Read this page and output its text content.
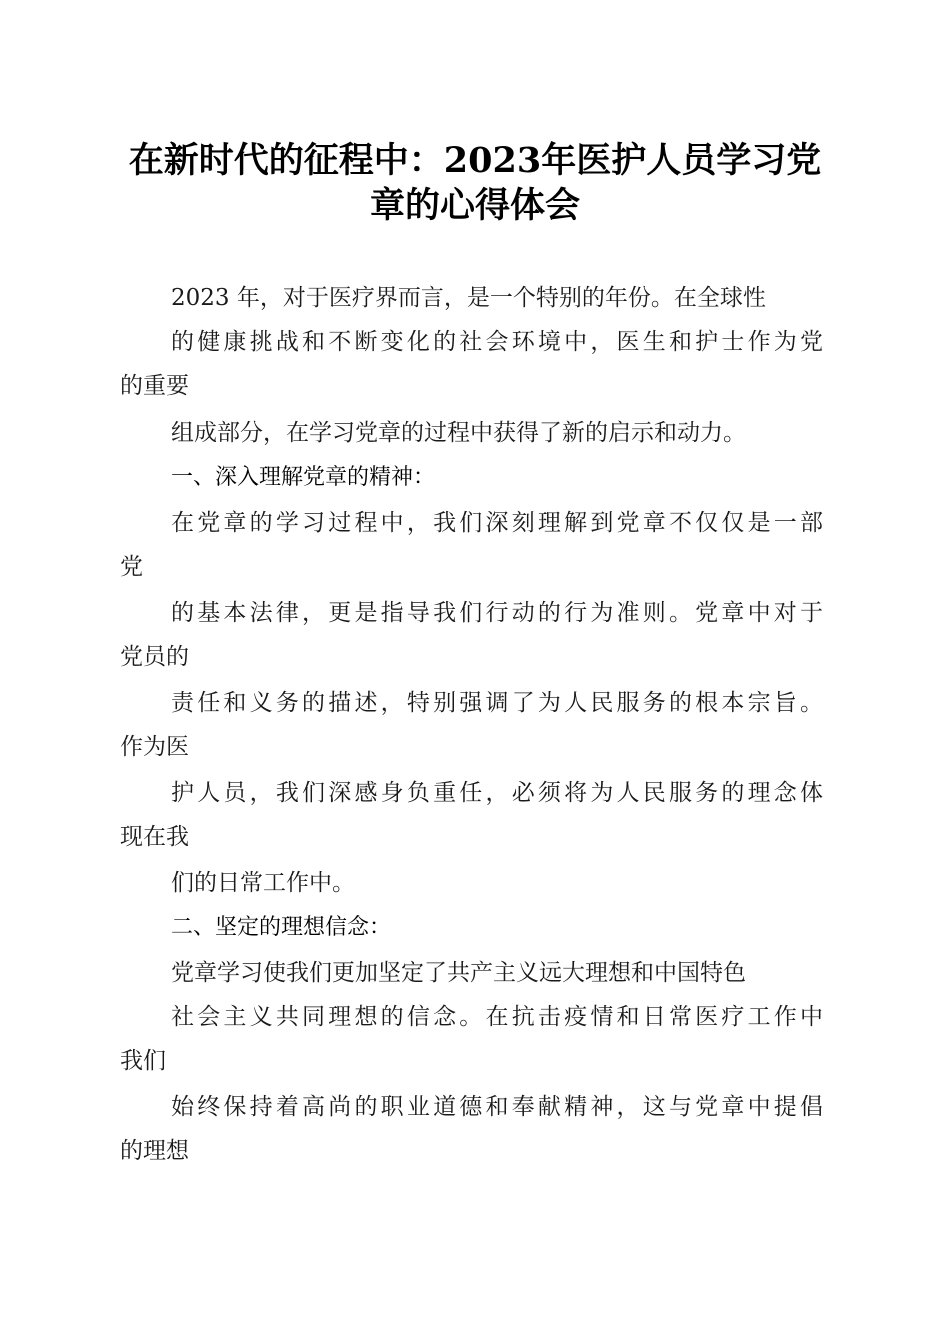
在新时代的征程中：2023年医护人员学习党
章的心得体会

2023 年，对于医疗界而言，是一个特别的年份。在全球性

的健康挑战和不断变化的社会环境中，医生和护士作为党

的重要

组成部分，在学习党章的过程中获得了新的启示和动力。

一、深入理解党章的精神：

在党章的学习过程中，我们深刻理解到党章不仅仅是一部

党

的基本法律，更是指导我们行动的行为准则。党章中对于

党员的

责任和义务的描述，特别强调了为人民服务的根本宗旨。

作为医

护人员，我们深感身负重任，必须将为人民服务的理念体

现在我

们的日常工作中。

二、坚定的理想信念：

党章学习使我们更加坚定了共产主义远大理想和中国特色

社会主义共同理想的信念。在抗击疫情和日常医疗工作中

我们

始终保持着高尚的职业道德和奉献精神，这与党章中提倡

的理想
